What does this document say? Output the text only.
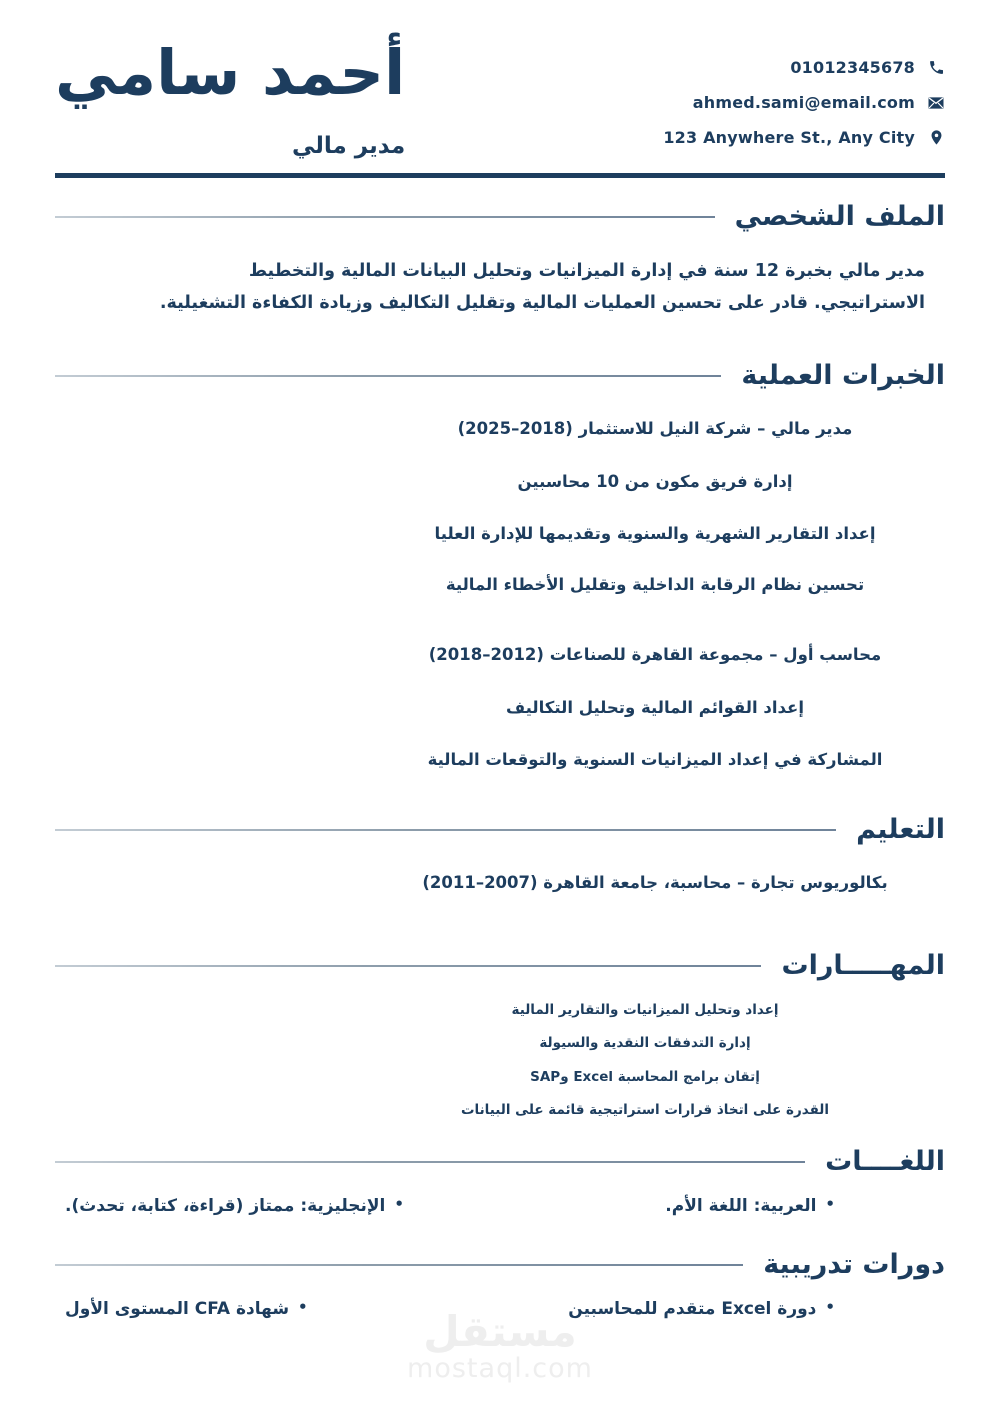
أحمد سامي
مدير مالي
01012345678
ahmed.sami@email.com
123 Anywhere St., Any City
الملف الشخصي
مدير مالي بخبرة 12 سنة في إدارة الميزانيات وتحليل البيانات المالية والتخطيط الاستراتيجي. قادر على تحسين العمليات المالية وتقليل التكاليف وزيادة الكفاءة التشغيلية.
الخبرات العملية
مدير مالي – شركة النيل للاستثمار (2018–2025)
إدارة فريق مكون من 10 محاسبين
إعداد التقارير الشهرية والسنوية وتقديمها للإدارة العليا
تحسين نظام الرقابة الداخلية وتقليل الأخطاء المالية
محاسب أول – مجموعة القاهرة للصناعات (2012–2018)
إعداد القوائم المالية وتحليل التكاليف
المشاركة في إعداد الميزانيات السنوية والتوقعات المالية
التعليم
بكالوريوس تجارة – محاسبة، جامعة القاهرة (2007–2011)
المهـــــارات
إعداد وتحليل الميزانيات والتقارير المالية
إدارة التدفقات النقدية والسيولة
إتقان برامج المحاسبة Excel وSAP
القدرة على اتخاذ قرارات استراتيجية قائمة على البيانات
اللغــــات
•
العربية: اللغة الأم.
•
الإنجليزية: ممتاز (قراءة، كتابة، تحدث).
دورات تدريبية
•
دورة Excel متقدم للمحاسبين
•
شهادة CFA المستوى الأول	مستقل
mostaql.com
